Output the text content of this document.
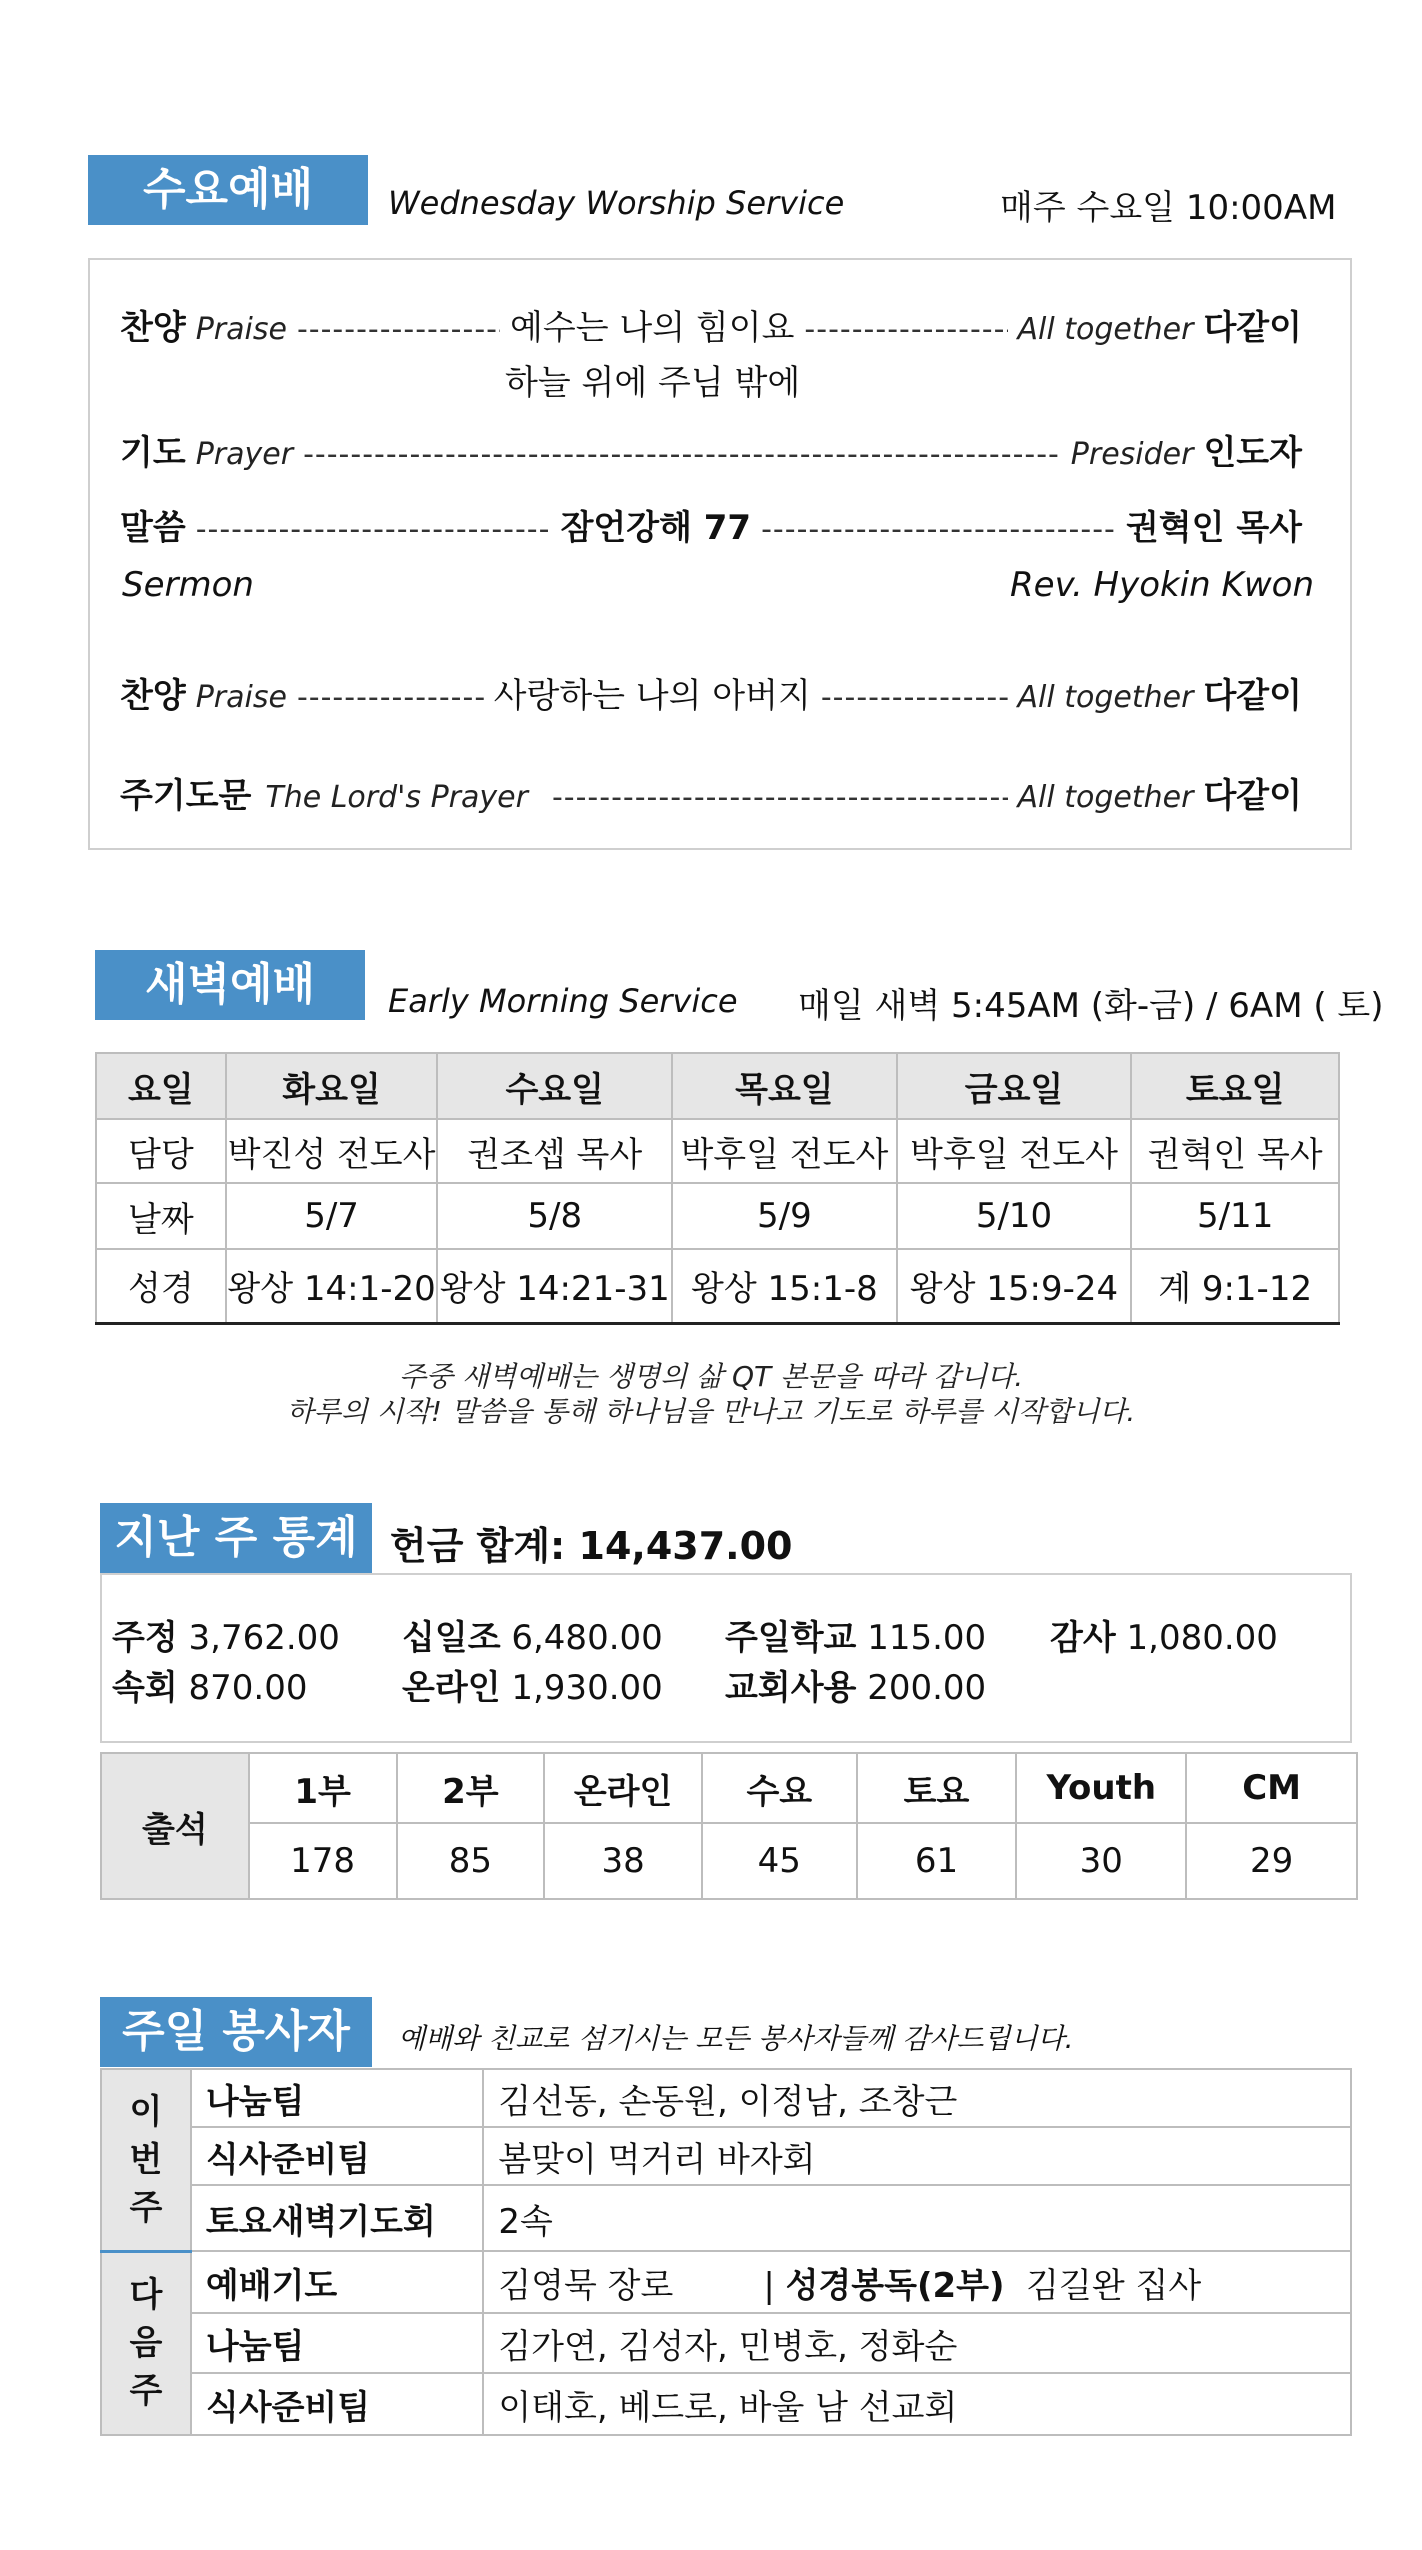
수요예배	Wednesday Worship Service	매주 수요일 10:00AM
찬양 Praise -----	예수는 나의 힘이요 -----	All together 다같이
하늘 위에 주님 밖에
기도 Prayer -----	Presider 인도자
말씀 -----	잠언강해 77 -----	권혁인 목사
Sermon	Rev. Hyokin Kwon
찬양 Praise -----	사랑하는 나의 아버지 -----	All together 다같이
주기도문 The Lord's Prayer -----	All together 다같이
새벽예배	Early Morning Service 매일 새벽 5:45AM (화-금) / 6AM ( 토)
요일	화요일	수요일	목요일	금요일	토요일
담당	박진성 전도사	권조셉 목사	박후일 전도사	박후일 전도사	권혁인 목사
날짜	5/7	5/8	5/9	5/10	5/11
성경	왕상 14:1-20	왕상 14:21-31	왕상 15:1-8	왕상 15:9-24	계 9:1-12
주중 새벽예배는 생명의 삶 QT 본문을 따라 갑니다.
하루의 시작! 말씀을 통해 하나님을 만나고 기도로 하루를 시작합니다.
지난 주 통계 헌금 합계: 14,437.00
주정 3,762.00 십일조 6,480.00 주일학교 115.00 감사 1,080.00
속회 870.00	온라인 1,930.00 교회사용 200.00
출석	1부	2부	온라인	수요	토요	Youth	CM
	178	85	38	45	61	30	29
주일 봉사자	예배와 친교로 섬기시는 모든 봉사자들께 감사드립니다.
이
번
주	나눔팀	김선동, 손동원, 이정남, 조창근
	식사준비팀	봄맞이 먹거리 바자회
	토요새벽기도회	2속
다
음
주	예배기도	김영묵 장로 | 성경봉독(2부) 김길완 집사
	나눔팀	김가연, 김성자, 민병호, 정화순
	식사준비팀	이태호, 베드로, 바울 남 선교회
